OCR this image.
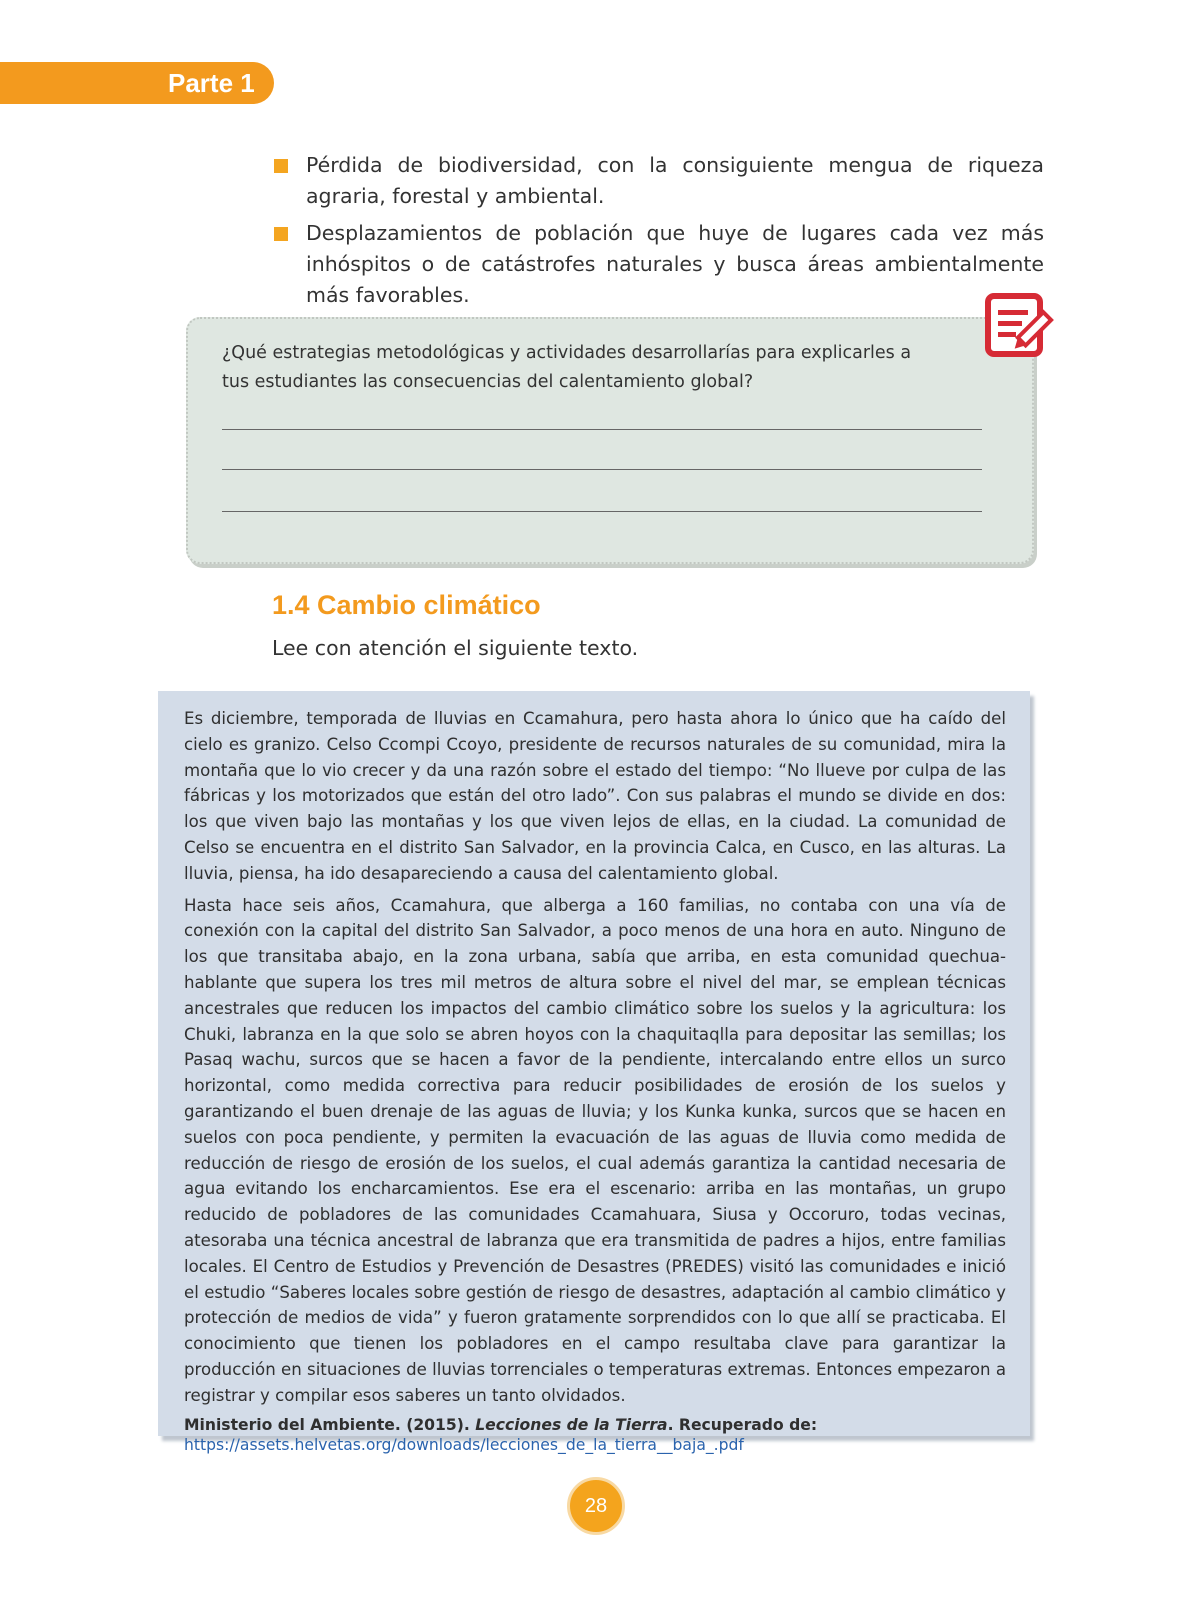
Parte 1
Pérdida de biodiversidad, con la consiguiente mengua de riqueza agraria, forestal y ambiental.
Desplazamientos de población que huye de lugares cada vez más inhóspitos o de catástrofes naturales y busca áreas ambientalmente más favorables.
¿Qué estrategias metodológicas y actividades desarrollarías para explicarles a tus estudiantes las consecuencias del calentamiento global?
1.4 Cambio climático
Lee con atención el siguiente texto.

Es diciembre, temporada de lluvias en Ccamahura, pero hasta ahora lo único que ha caído del cielo es granizo. Celso Ccompi Ccoyo, presidente de recursos naturales de su comunidad, mira la montaña que lo vio crecer y da una razón sobre el estado del tiempo: “No llueve por culpa de las fábricas y los motorizados que están del otro lado”. Con sus palabras el mundo se divide en dos: los que viven bajo las montañas y los que viven lejos de ellas, en la ciudad. La comunidad de Celso se encuentra en el distrito San Salvador, en la provincia Calca, en Cusco, en las alturas. La lluvia, piensa, ha ido desapareciendo a causa del calentamiento global.

Hasta hace seis años, Ccamahura, que alberga a 160 familias, no contaba con una vía de conexión con la capital del distrito San Salvador, a poco menos de una hora en auto. Ninguno de los que transitaba abajo, en la zona urbana, sabía que arriba, en esta comunidad quechua-hablante que supera los tres mil metros de altura sobre el nivel del mar, se emplean técnicas ancestrales que reducen los impactos del cambio climático sobre los suelos y la agricultura: los Chuki, labranza en la que solo se abren hoyos con la chaquitaqlla para depositar las semillas; los Pasaq wachu, surcos que se hacen a favor de la pendiente, intercalando entre ellos un surco horizontal, como medida correctiva para reducir posibilidades de erosión de los suelos y garantizando el buen drenaje de las aguas de lluvia; y los Kunka kunka, surcos que se hacen en suelos con poca pendiente, y permiten la evacuación de las aguas de lluvia como medida de reducción de riesgo de erosión de los suelos, el cual además garantiza la cantidad necesaria de agua evitando los encharcamientos. Ese era el escenario: arriba en las montañas, un grupo reducido de pobladores de las comunidades Ccamahuara, Siusa y Occoruro, todas vecinas, atesoraba una técnica ancestral de labranza que era transmitida de padres a hijos, entre familias locales. El Centro de Estudios y Prevención de Desastres (PREDES) visitó las comunidades e inició el estudio “Saberes locales sobre gestión de riesgo de desastres, adaptación al cambio climático y protección de medios de vida” y fueron gratamente sorprendidos con lo que allí se practicaba. El conocimiento que tienen los pobladores en el campo resultaba clave para garantizar la producción en situaciones de lluvias torrenciales o temperaturas extremas. Entonces empezaron a registrar y compilar esos saberes un tanto olvidados.

Ministerio del Ambiente. (2015). Lecciones de la Tierra. Recuperado de:
https://assets.helvetas.org/downloads/lecciones_de_la_tierra__baja_.pdf
28
